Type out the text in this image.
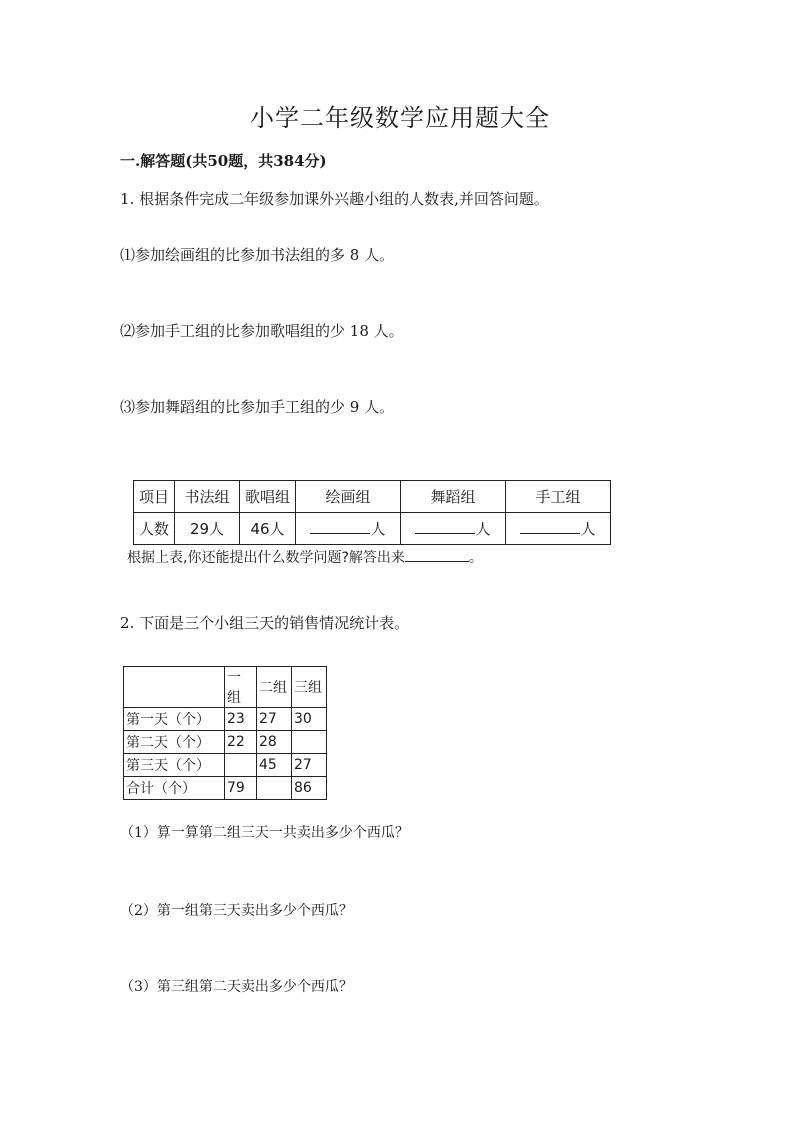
小学二年级数学应用题大全
一.解答题(共50题，共384分)
1. 根据条件完成二年级参加课外兴趣小组的人数表,并回答问题。
⑴参加绘画组的比参加书法组的多 8 人。
⑵参加手工组的比参加歌唱组的少 18 人。
⑶参加舞蹈组的比参加手工组的少 9 人。
项目	书法组	歌唱组	绘画组	舞蹈组	手工组
人数	29人	46人	人	人	人
根据上表,你还能提出什么数学问题?解答出来	。
2. 下面是三个小组三天的销售情况统计表。
	一组	二组	三组
第一天（个）	23	27	30
第二天（个）	22	28	
第三天（个）		45	27
合计（个）	79		86
（1）算一算第二组三天一共卖出多少个西瓜？
（2）第一组第三天卖出多少个西瓜？
（3）第三组第二天卖出多少个西瓜？
